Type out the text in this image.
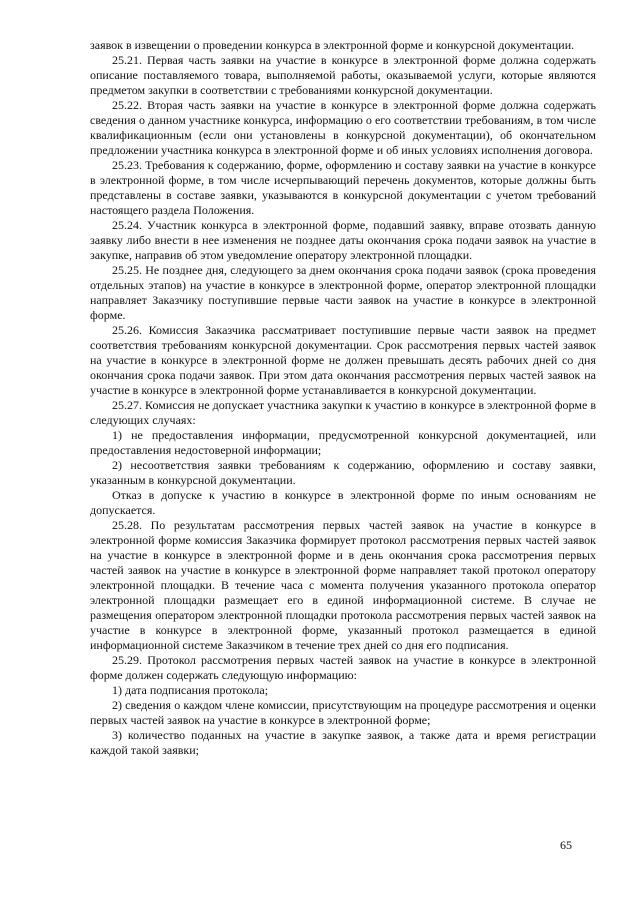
заявок в извещении о проведении конкурса в электронной форме и конкурсной документации.

25.21. Первая часть заявки на участие в конкурсе в электронной форме должна содержать описание поставляемого товара, выполняемой работы, оказываемой услуги, которые являются предметом закупки в соответствии с требованиями конкурсной документации.

25.22. Вторая часть заявки на участие в конкурсе в электронной форме должна содержать сведения о данном участнике конкурса, информацию о его соответствии требованиям, в том числе квалификационным (если они установлены в конкурсной документации), об окончательном предложении участника конкурса в электронной форме и об иных условиях исполнения договора.

25.23. Требования к содержанию, форме, оформлению и составу заявки на участие в конкурсе в электронной форме, в том числе исчерпывающий перечень документов, которые должны быть представлены в составе заявки, указываются в конкурсной документации с учетом требований настоящего раздела Положения.

25.24. Участник конкурса в электронной форме, подавший заявку, вправе отозвать данную заявку либо внести в нее изменения не позднее даты окончания срока подачи заявок на участие в закупке, направив об этом уведомление оператору электронной площадки.

25.25. Не позднее дня, следующего за днем окончания срока подачи заявок (срока проведения отдельных этапов) на участие в конкурсе в электронной форме, оператор электронной площадки направляет Заказчику поступившие первые части заявок на участие в конкурсе в электронной форме.

25.26. Комиссия Заказчика рассматривает поступившие первые части заявок на предмет соответствия требованиям конкурсной документации. Срок рассмотрения первых частей заявок на участие в конкурсе в электронной форме не должен превышать десять рабочих дней со дня окончания срока подачи заявок. При этом дата окончания рассмотрения первых частей заявок на участие в конкурсе в электронной форме устанавливается в конкурсной документации.

25.27. Комиссия не допускает участника закупки к участию в конкурсе в электронной форме в следующих случаях:

1) не предоставления информации, предусмотренной конкурсной документацией, или предоставления недостоверной информации;

2) несоответствия заявки требованиям к содержанию, оформлению и составу заявки, указанным в конкурсной документации.

Отказ в допуске к участию в конкурсе в электронной форме по иным основаниям не допускается.

25.28. По результатам рассмотрения первых частей заявок на участие в конкурсе в электронной форме комиссия Заказчика формирует протокол рассмотрения первых частей заявок на участие в конкурсе в электронной форме и в день окончания срока рассмотрения первых частей заявок на участие в конкурсе в электронной форме направляет такой протокол оператору электронной площадки. В течение часа с момента получения указанного протокола оператор электронной площадки размещает его в единой информационной системе. В случае не размещения оператором электронной площадки протокола рассмотрения первых частей заявок на участие в конкурсе в электронной форме, указанный протокол размещается в единой информационной системе Заказчиком в течение трех дней со дня его подписания.

25.29. Протокол рассмотрения первых частей заявок на участие в конкурсе в электронной форме должен содержать следующую информацию:

1) дата подписания протокола;

2) сведения о каждом члене комиссии, присутствующим на процедуре рассмотрения и оценки первых частей заявок на участие в конкурсе в электронной форме;

3) количество поданных на участие в закупке заявок, а также дата и время регистрации каждой такой заявки;

65
